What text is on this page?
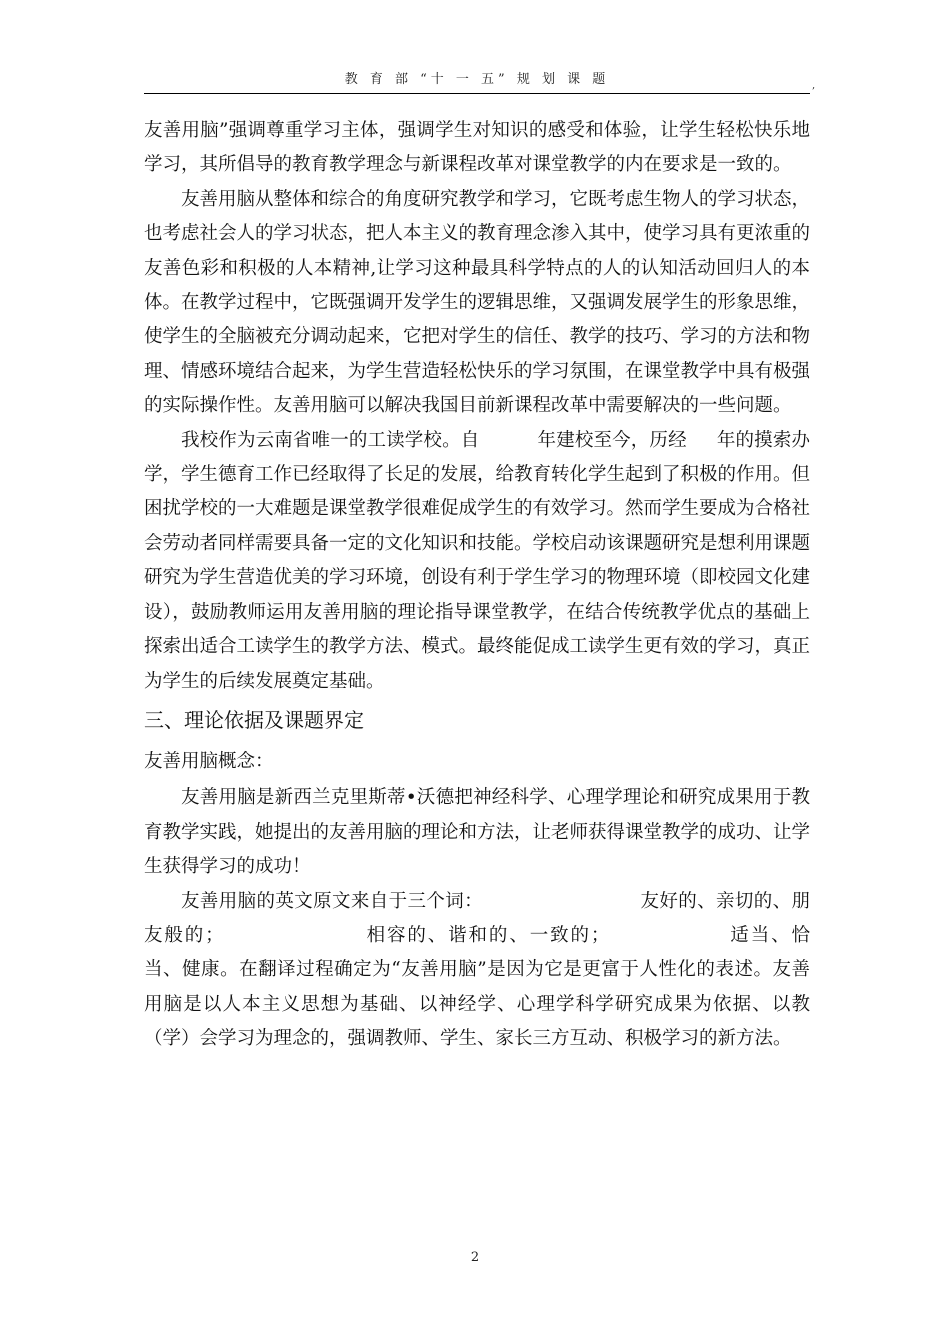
教 育 部 “十 一 五” 规 划 课 题	,

友善用脑”强调尊重学习主体，强调学生对知识的感受和体验，让学生轻松快乐地学习，其所倡导的教育教学理念与新课程改革对课堂教学的内在要求是一致的。

友善用脑从整体和综合的角度研究教学和学习，它既考虑生物人的学习状态，也考虑社会人的学习状态，把人本主义的教育理念渗入其中，使学习具有更浓重的友善色彩和积极的人本精神,让学习这种最具科学特点的人的认知活动回归人的本体。在教学过程中，它既强调开发学生的逻辑思维，又强调发展学生的形象思维，使学生的全脑被充分调动起来，它把对学生的信任、教学的技巧、学习的方法和物理、情感环境结合起来，为学生营造轻松快乐的学习氛围，在课堂教学中具有极强的实际操作性。友善用脑可以解决我国目前新课程改革中需要解决的一些问题。

我校作为云南省唯一的工读学校。自	年建校至今，历经 年的摸索办学，学生德育工作已经取得了长足的发展，给教育转化学生起到了积极的作用。但困扰学校的一大难题是课堂教学很难促成学生的有效学习。然而学生要成为合格社会劳动者同样需要具备一定的文化知识和技能。学校启动该课题研究是想利用课题研究为学生营造优美的学习环境，创设有利于学生学习的物理环境（即校园文化建设），鼓励教师运用友善用脑的理论指导课堂教学，在结合传统教学优点的基础上探索出适合工读学生的教学方法、模式。最终能促成工读学生更有效的学习，真正为学生的后续发展奠定基础。

三、理论依据及课题界定

友善用脑概念：

友善用脑是新西兰克里斯蒂•沃德把神经科学、心理学理论和研究成果用于教育教学实践，她提出的友善用脑的理论和方法，让老师获得课堂教学的成功、让学生获得学习的成功！

友善用脑的英文原文来自于三个词：	友好的、亲切的、朋友般的；	相容的、谐和的、一致的；	适当、恰当、健康。在翻译过程确定为“友善用脑”是因为它是更富于人性化的表述。友善用脑是以人本主义思想为基础、以神经学、心理学科学研究成果为依据、以教（学）会学习为理念的，强调教师、学生、家长三方互动、积极学习的新方法。

2
